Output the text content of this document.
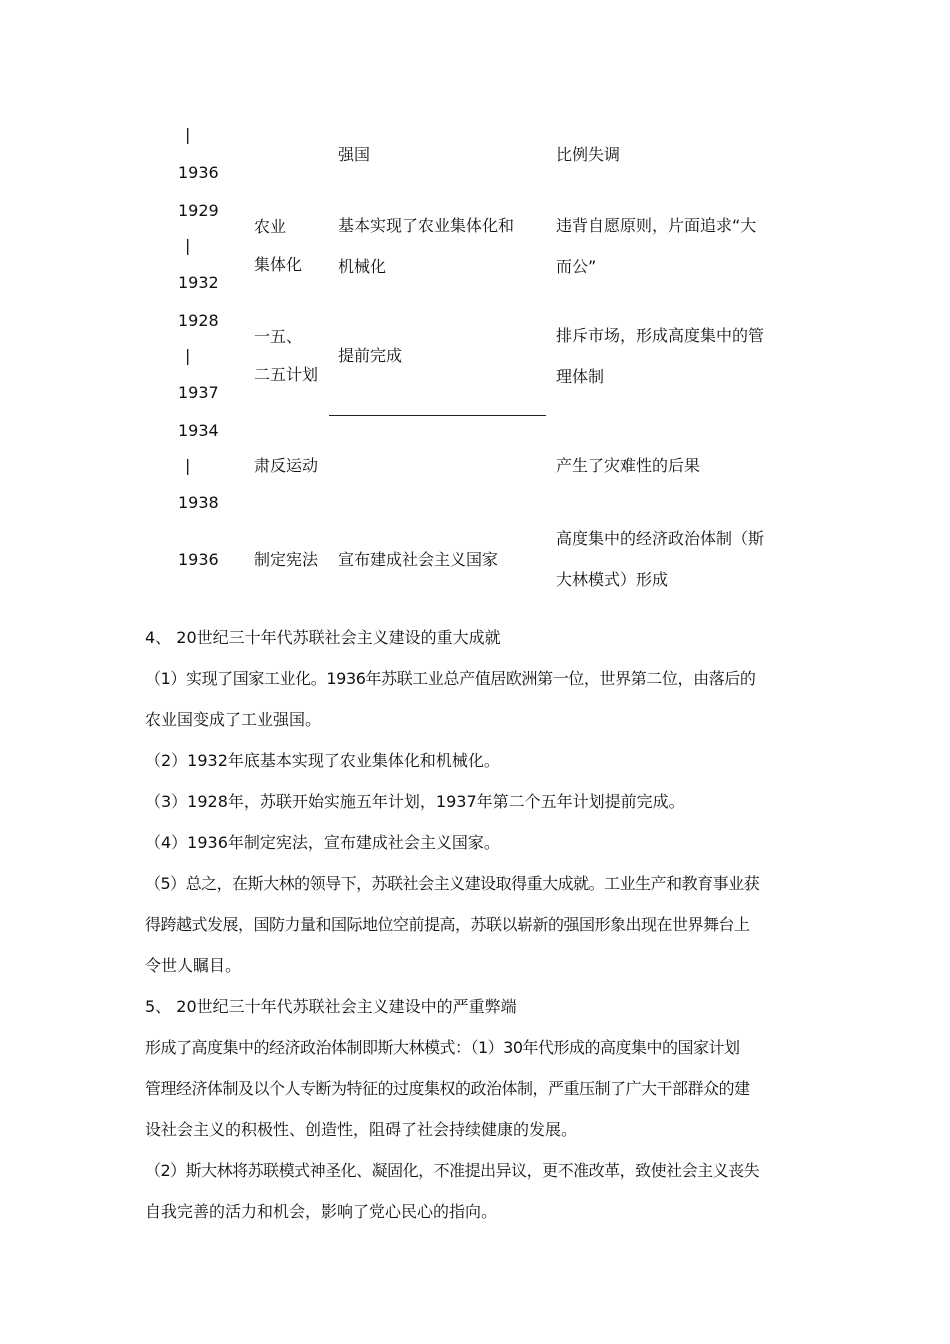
|
1936
强国	比例失调
1929
|
1932
农业
集体化
基本实现了农业集体化和
机械化
违背自愿原则，片面追求“大
而公”
1928
|
1937
一五、
二五计划
提前完成
排斥市场，形成高度集中的管
理体制
1934
|
1938
肃反运动	产生了灾难性的后果
1936 制定宪法 宣布建成社会主义国家
高度集中的经济政治体制（斯
大林模式）形成
4、 20世纪三十年代苏联社会主义建设的重大成就
（1）实现了国家工业化。1936年苏联工业总产值居欧洲第一位，世界第二位，由落后的
农业国变成了工业强国。
（2）1932年底基本实现了农业集体化和机械化。
（3）1928年，苏联开始实施五年计划，1937年第二个五年计划提前完成。
（4）1936年制定宪法，宣布建成社会主义国家。
（5）总之，在斯大林的领导下，苏联社会主义建设取得重大成就。工业生产和教育事业获
得跨越式发展，国防力量和国际地位空前提高，苏联以崭新的强国形象出现在世界舞台上
令世人瞩目。
5、 20世纪三十年代苏联社会主义建设中的严重弊端
形成了高度集中的经济政治体制即斯大林模式：（1）30年代形成的高度集中的国家计划
管理经济体制及以个人专断为特征的过度集权的政治体制，严重压制了广大干部群众的建
设社会主义的积极性、创造性，阻碍了社会持续健康的发展。
（2）斯大林将苏联模式神圣化、凝固化，不准提出异议，更不准改革，致使社会主义丧失
自我完善的活力和机会，影响了党心民心的指向。
